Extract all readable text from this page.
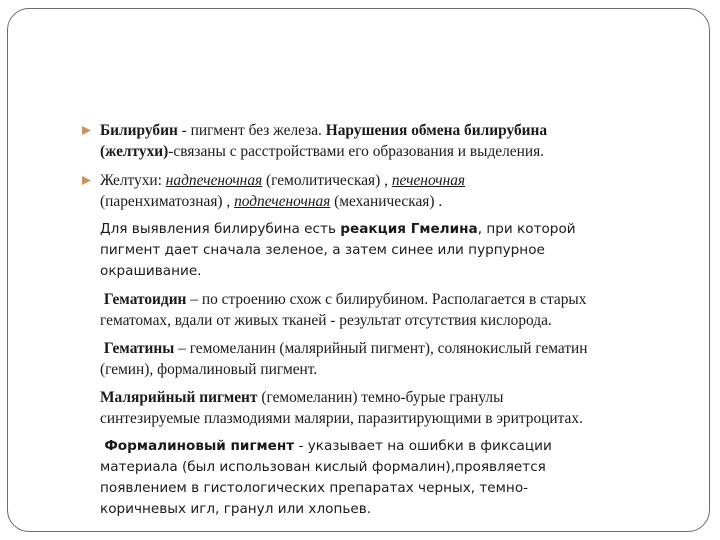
Билирубин - пигмент без железа. Нарушения обмена билирубина
(желтухи)-связаны с расстройствами его образования и выделения.

Желтухи: надпеченочная (гемолитическая) , печеночная
(паренхиматозная) , подпеченочная (механическая) .

Для выявления билирубина есть реакция Гмелина, при которой
пигмент дает сначала зеленое, а затем синее или пурпурное
окрашивание.

Гематоидин – по строению схож с билирубином. Располагается в старых
гематомах, вдали от живых тканей - результат отсутствия кислорода.

Гематины – гемомеланин (малярийный пигмент), солянокислый гематин
(гемин), формалиновый пигмент.

Малярийный пигмент (гемомеланин) темно-бурые гранулы
синтезируемые плазмодиями малярии, паразитирующими в эритроцитах.

Формалиновый пигмент - указывает на ошибки в фиксации
материала (был использован кислый формалин),проявляется
появлением в гистологических препаратах черных, темно-
коричневых игл, гранул или хлопьев.
